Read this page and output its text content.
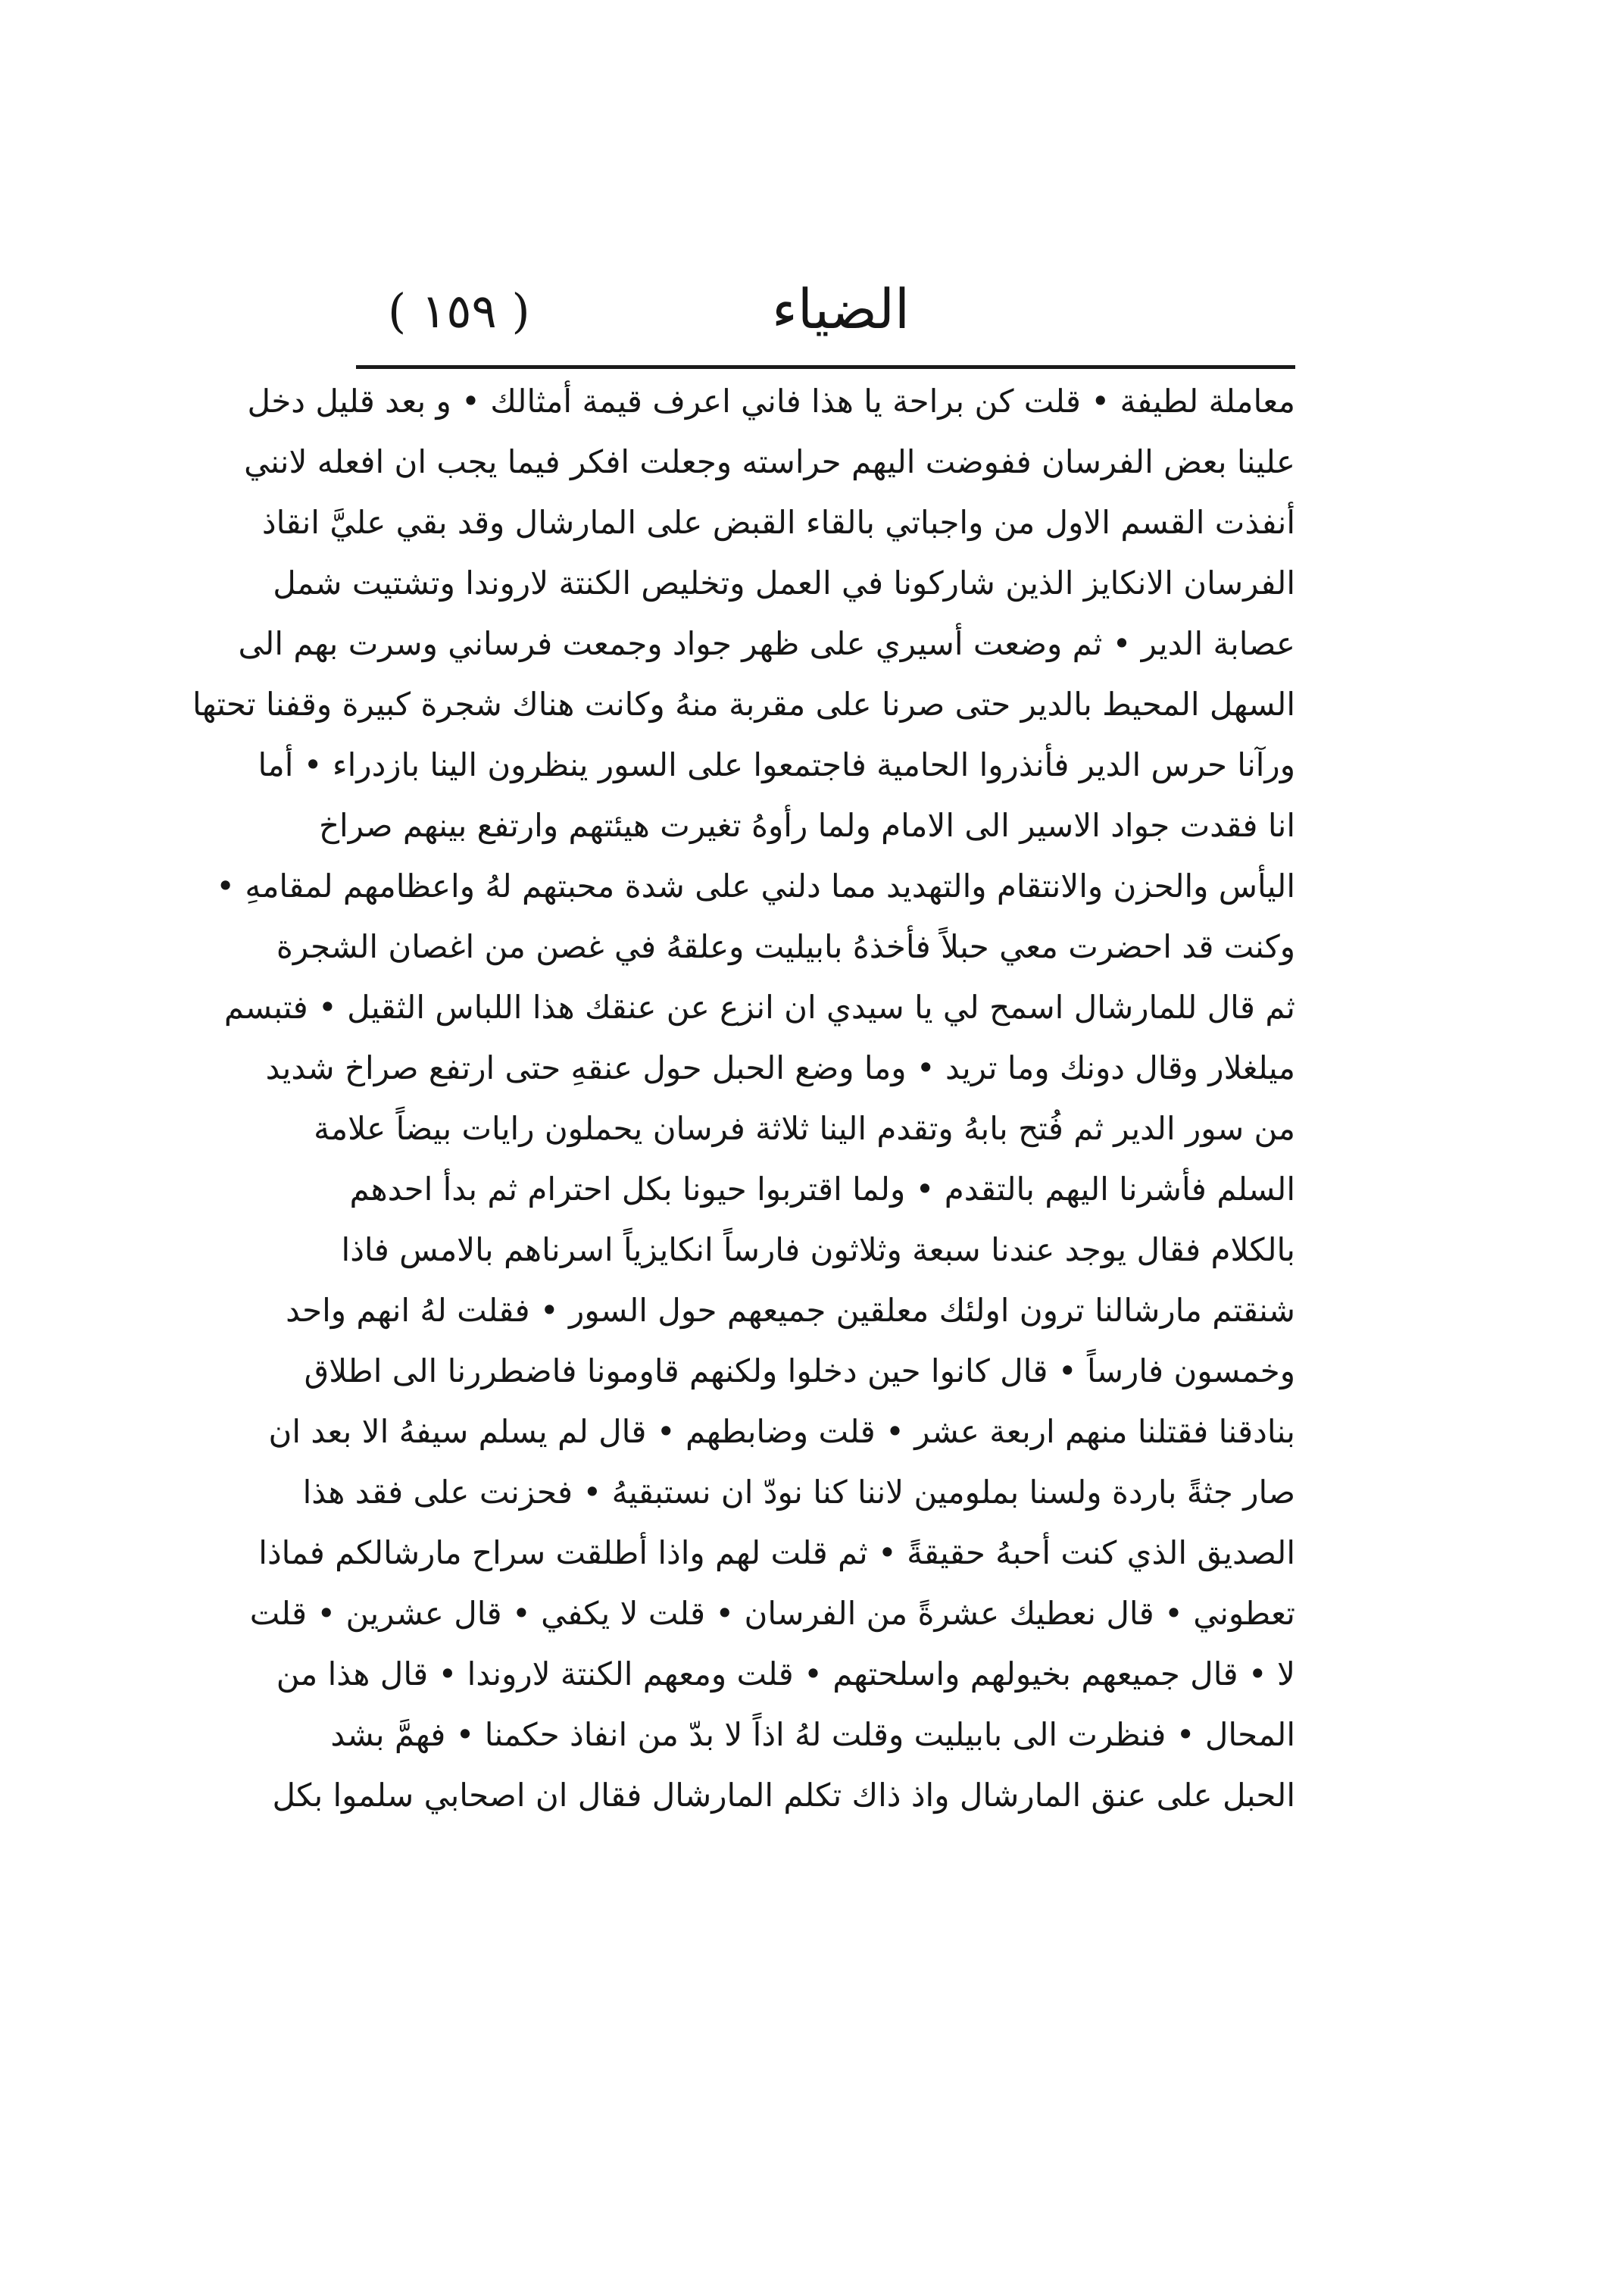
( ١٥٩ )	الضياء
معاملة لطيفة • قلت كن براحة يا هذا فاني اعرف قيمة أمثالك • و بعد قليل دخل
علينا بعض الفرسان ففوضت اليهم حراسته وجعلت افكر فيما يجب ان افعله لانني
أنفذت القسم الاول من واجباتي بالقاء القبض على المارشال وقد بقي عليَّ انقاذ
الفرسان الانكايز الذين شاركونا في العمل وتخليص الكنتة لاروندا وتشتيت شمل
عصابة الدير • ثم وضعت أسيري على ظهر جواد وجمعت فرساني وسرت بهم الى
السهل المحيط بالدير حتى صرنا على مقربة منهُ وكانت هناك شجرة كبيرة وقفنا تحتها
ورآنا حرس الدير فأنذروا الحامية فاجتمعوا على السور ينظرون الينا بازدراء • أما
انا فقدت جواد الاسير الى الامام ولما رأوهُ تغيرت هيئتهم وارتفع بينهم صراخ
اليأس والحزن والانتقام والتهديد مما دلني على شدة محبتهم لهُ واعظامهم لمقامهِ •
وكنت قد احضرت معي حبلاً فأخذهُ بابيليت وعلقهُ في غصن من اغصان الشجرة
ثم قال للمارشال اسمح لي يا سيدي ان انزع عن عنقك هذا اللباس الثقيل • فتبسم
ميلغلار وقال دونك وما تريد • وما وضع الحبل حول عنقهِ حتى ارتفع صراخ شديد
من سور الدير ثم فُتح بابهُ وتقدم الينا ثلاثة فرسان يحملون رايات بيضاً علامة
السلم فأشرنا اليهم بالتقدم • ولما اقتربوا حيونا بكل احترام ثم بدأ احدهم
بالكلام فقال يوجد عندنا سبعة وثلاثون فارساً انكايزياً اسرناهم بالامس فاذا
شنقتم مارشالنا ترون اولئك معلقين جميعهم حول السور • فقلت لهُ انهم واحد
وخمسون فارساً • قال كانوا حين دخلوا ولكنهم قاومونا فاضطررنا الى اطلاق
بنادقنا فقتلنا منهم اربعة عشر • قلت وضابطهم • قال لم يسلم سيفهُ الا بعد ان
صار جثةً باردة ولسنا بملومين لاننا كنا نودّ ان نستبقيهُ • فحزنت على فقد هذا
الصديق الذي كنت أحبهُ حقيقةً • ثم قلت لهم واذا أطلقت سراح مارشالكم فماذا
تعطوني • قال نعطيك عشرةً من الفرسان • قلت لا يكفي • قال عشرين • قلت
لا • قال جميعهم بخيولهم واسلحتهم • قلت ومعهم الكنتة لاروندا • قال هذا من
المحال • فنظرت الى بابيليت وقلت لهُ اذاً لا بدّ من انفاذ حكمنا • فهمَّ بشد
الحبل على عنق المارشال واذ ذاك تكلم المارشال فقال ان اصحابي سلموا بكل
